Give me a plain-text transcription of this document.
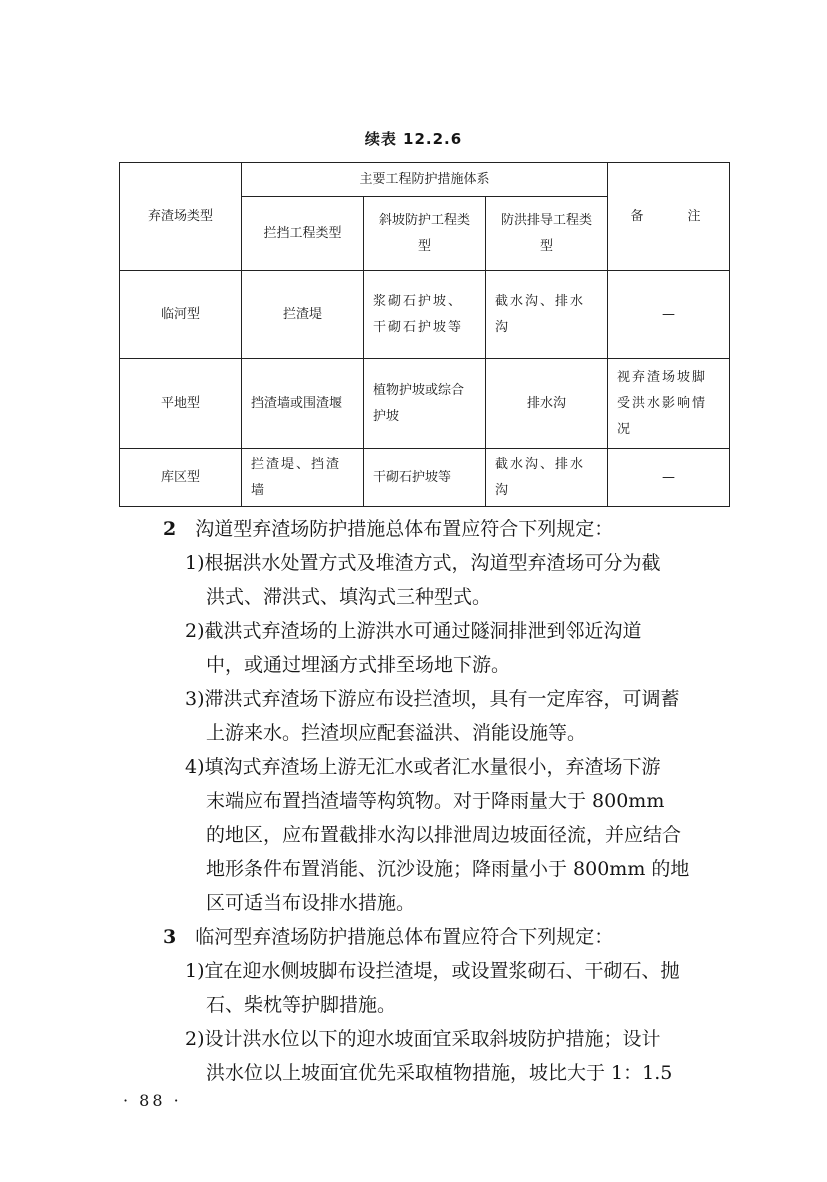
续表 12.2.6
弃渣场类型	主要工程防护措施体系			备　　注
	拦挡工程类型	斜坡防护工程类型	防洪排导工程类型	
临河型	拦渣堤	浆砌石护坡、干砌石护坡等	截水沟、排水沟	—
平地型	挡渣墙或围渣堰	植物护坡或综合护坡	排水沟	视弃渣场坡脚受洪水影响情况
库区型	拦渣堤、挡渣墙	干砌石护坡等	截水沟、排水沟	—
2　 沟道型弃渣场防护措施总体布置应符合下列规定：
1)根据洪水处置方式及堆渣方式，沟道型弃渣场可分为截
洪式、滞洪式、填沟式三种型式。
2)截洪式弃渣场的上游洪水可通过隧洞排泄到邻近沟道
中，或通过埋涵方式排至场地下游。
3)滞洪式弃渣场下游应布设拦渣坝，具有一定库容，可调蓄
上游来水。拦渣坝应配套溢洪、消能设施等。
4)填沟式弃渣场上游无汇水或者汇水量很小，弃渣场下游
末端应布置挡渣墙等构筑物。对于降雨量大于 800mm
的地区，应布置截排水沟以排泄周边坡面径流，并应结合
地形条件布置消能、沉沙设施；降雨量小于 800mm 的地
区可适当布设排水措施。
3　 临河型弃渣场防护措施总体布置应符合下列规定：
1)宜在迎水侧坡脚布设拦渣堤，或设置浆砌石、干砌石、抛
石、柴枕等护脚措施。
2)设计洪水位以下的迎水坡面宜采取斜坡防护措施；设计
洪水位以上坡面宜优先采取植物措施，坡比大于 1：1.5
· 88 ·
